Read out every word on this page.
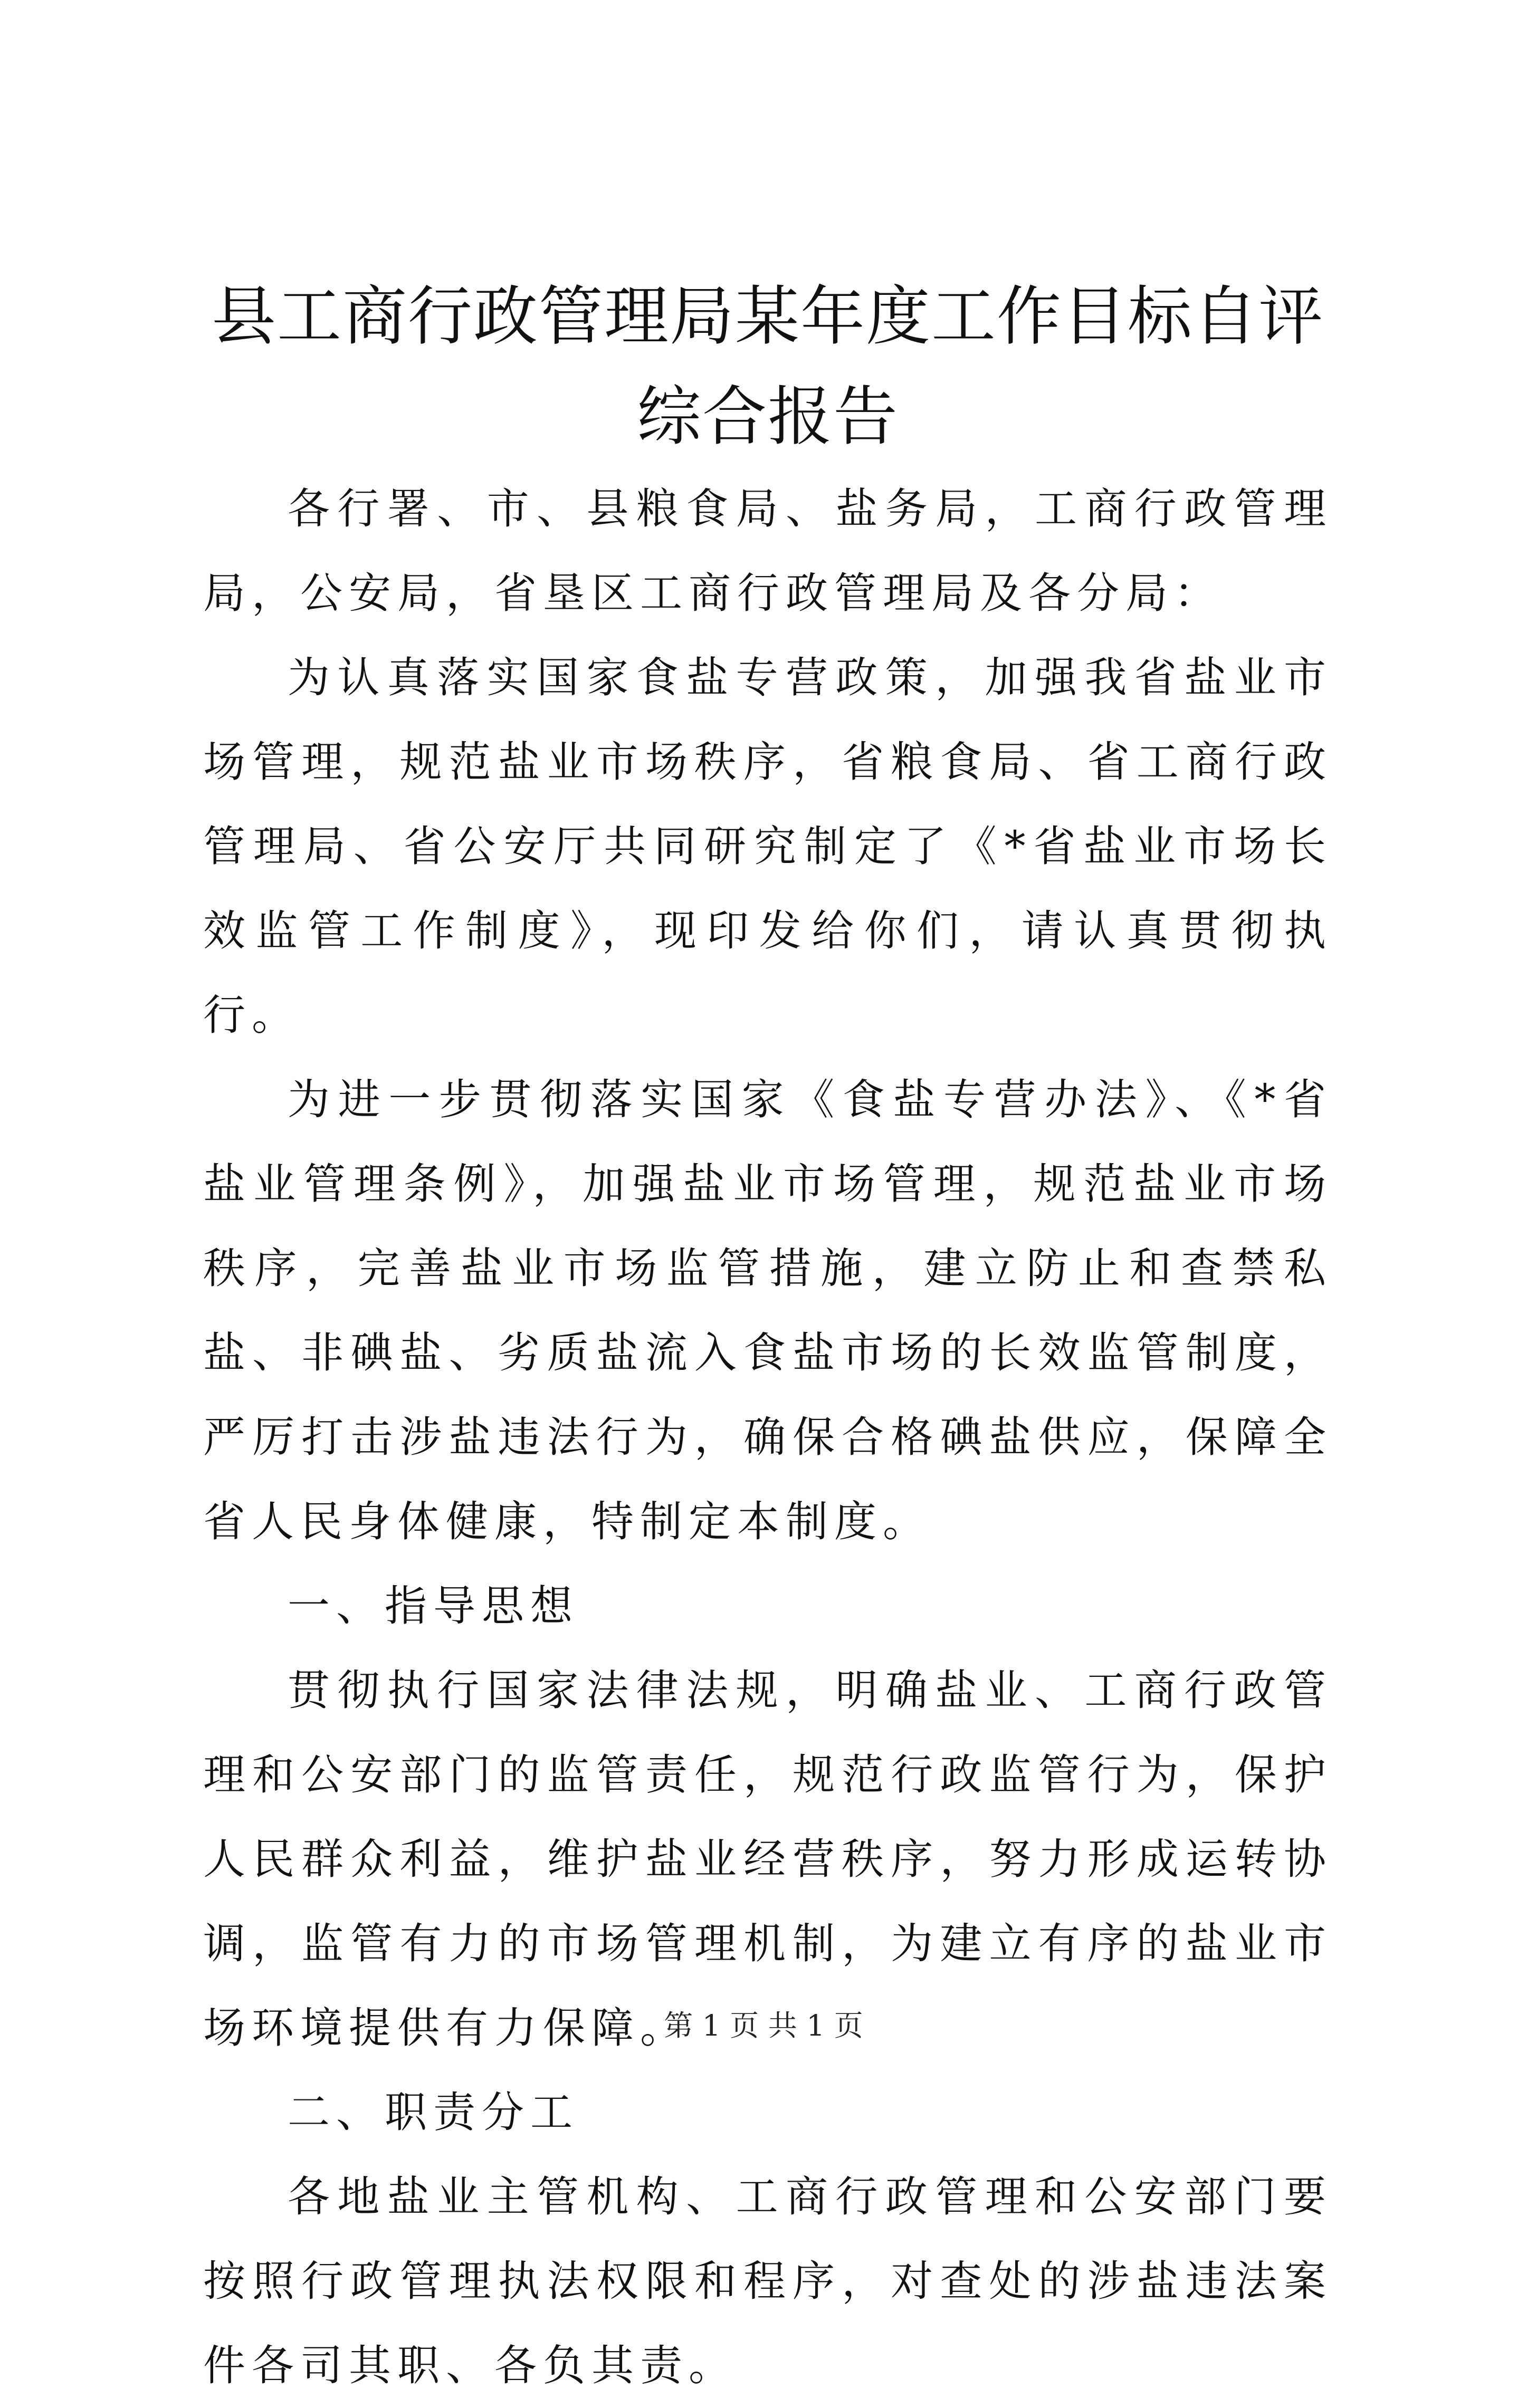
县工商行政管理局某年度工作目标自评综合报告

各行署、市、县粮食局、盐务局，工商行政管理局，公安局，省垦区工商行政管理局及各分局：

为认真落实国家食盐专营政策，加强我省盐业市场管理，规范盐业市场秩序，省粮食局、省工商行政管理局、省公安厅共同研究制定了《*省盐业市场长效监管工作制度》，现印发给你们，请认真贯彻执行。

为进一步贯彻落实国家《食盐专营办法》、《*省盐业管理条例》，加强盐业市场管理，规范盐业市场秩序，完善盐业市场监管措施，建立防止和查禁私盐、非碘盐、劣质盐流入食盐市场的长效监管制度，严厉打击涉盐违法行为，确保合格碘盐供应，保障全省人民身体健康，特制定本制度。

一、指导思想

贯彻执行国家法律法规，明确盐业、工商行政管理和公安部门的监管责任，规范行政监管行为，保护人民群众利益，维护盐业经营秩序，努力形成运转协调，监管有力的市场管理机制，为建立有序的盐业市场环境提供有力保障。

二、职责分工

各地盐业主管机构、工商行政管理和公安部门要按照行政管理执法权限和程序，对查处的涉盐违法案件各司其职、各负其责。

第 1 页 共 1 页
